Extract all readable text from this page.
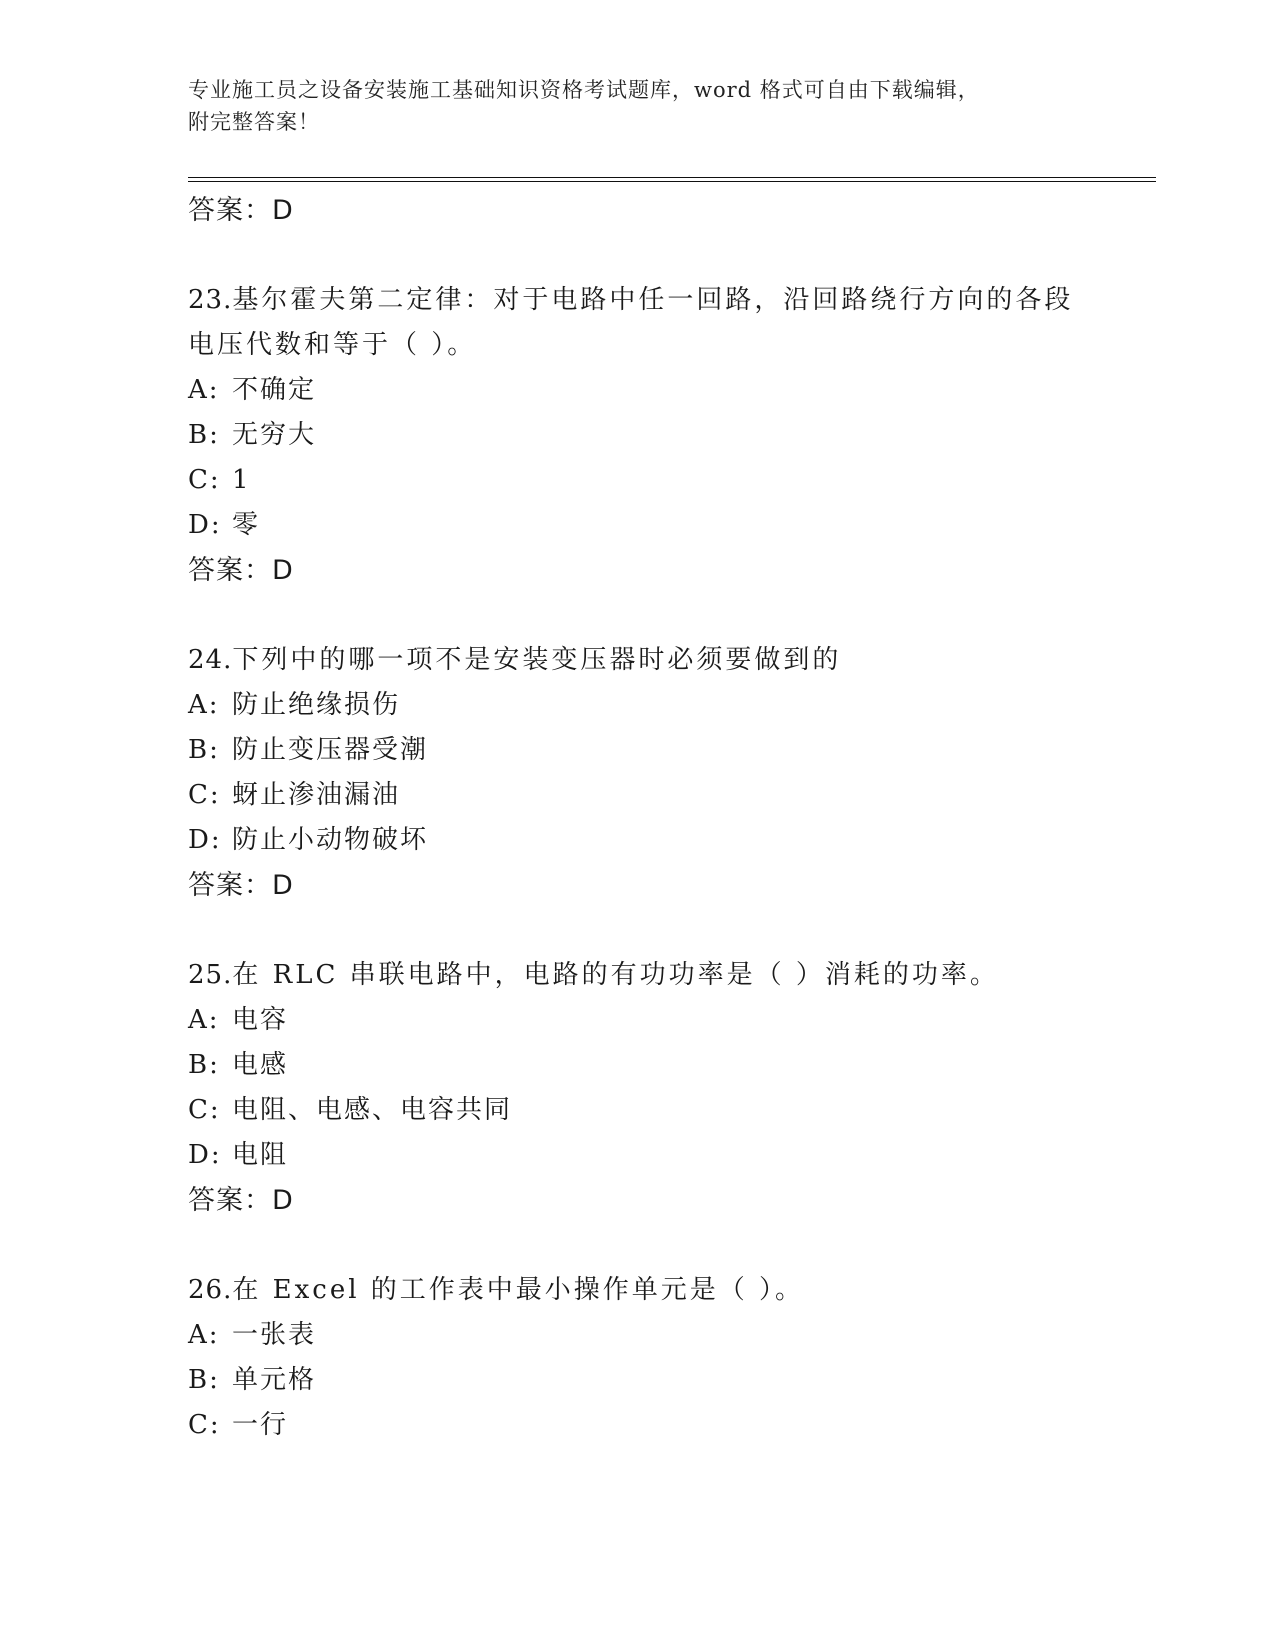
专业施工员之设备安装施工基础知识资格考试题库，word 格式可自由下载编辑，
附完整答案！
答案：D
23.基尔霍夫第二定律：对于电路中任一回路，沿回路绕行方向的各段
电压代数和等于（ ）。
A: 不确定
B: 无穷大
C: 1
D: 零
答案：D
24.下列中的哪一项不是安装变压器时必须要做到的
A: 防止绝缘损伤
B: 防止变压器受潮
C: 蚜止渗油漏油
D: 防止小动物破坏
答案：D
25.在 RLC 串联电路中，电路的有功功率是（ ）消耗的功率。
A: 电容
B: 电感
C: 电阻、电感、电容共同
D: 电阻
答案：D
26.在 Excel 的工作表中最小操作单元是（ ）。
A: 一张表
B: 单元格
C: 一行
